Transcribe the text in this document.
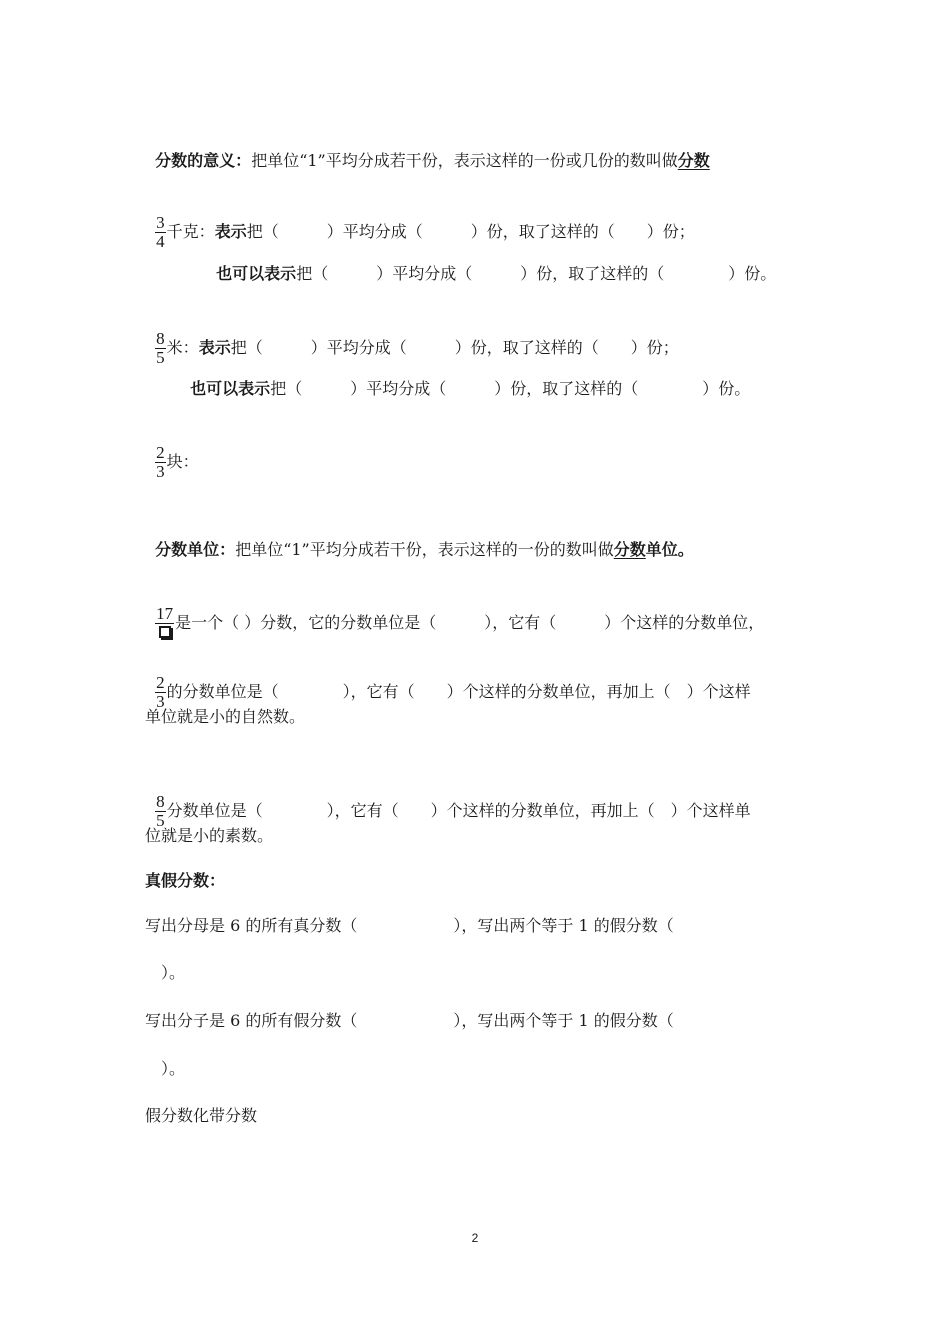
分数的意义：把单位“1”平均分成若干份，表示这样的一份或几份的数叫做分数

$\frac{3}{4}$ 千克：表示把（　　　）平均分成（　　　）份，取了这样的（　　）份；

也可以表示把（　　　）平均分成（　　　）份，取了这样的（　　　　）份。

$\frac{8}{5}$ 米：表示把（　　　）平均分成（　　　）份，取了这样的（　　）份；

也可以表示把（　　　）平均分成（　　　）份，取了这样的（　　　　）份。

$\frac{2}{3}$ 块：

分数单位：把单位“1”平均分成若干份，表示这样的一份的数叫做分数单位。

17 是一个（ ）分数，它的分数单位是（　　　），它有（　　　）个这样的分数单位，

$\frac{2}{3}$ 的分数单位是（　　　　），它有（　　）个这样的分数单位，再加上（　）个这样

单位就是小的自然数。

$\frac{8}{5}$ 分数单位是（　　　　），它有（　　）个这样的分数单位，再加上（　）个这样单

位就是小的素数。
真假分数：
写出分母是 6 的所有真分数（　　　　　　），写出两个等于 1 的假分数（
　）。
写出分子是 6 的所有假分数（　　　　　　），写出两个等于 1 的假分数（
　）。
假分数化带分数
2
